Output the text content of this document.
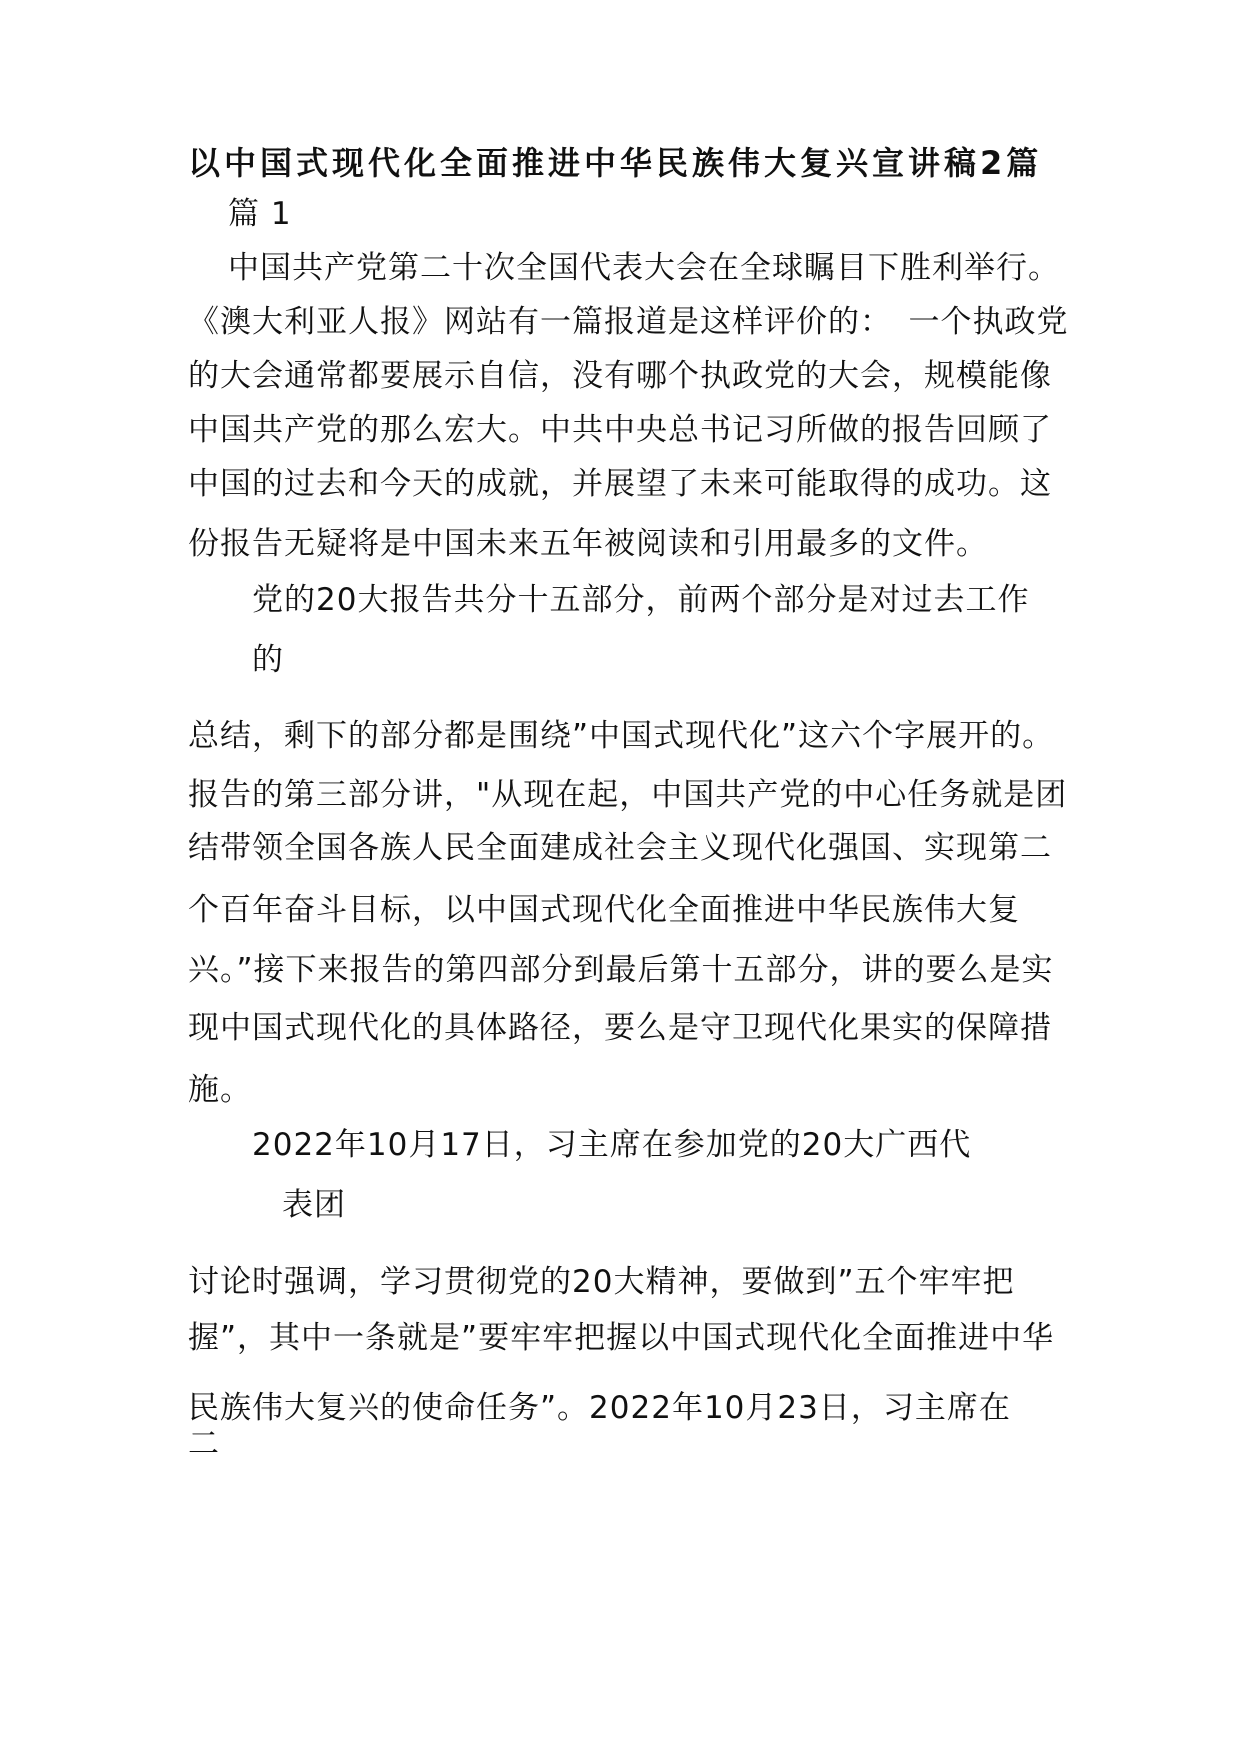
以中国式现代化全面推进中华民族伟大复兴宣讲稿2篇
篇 1
中国共产党第二十次全国代表大会在全球瞩目下胜利举行。
《澳大利亚人报》网站有一篇报道是这样评价的：　一个执政党
的大会通常都要展示自信，没有哪个执政党的大会，规模能像
中国共产党的那么宏大。中共中央总书记习所做的报告回顾了
中国的过去和今天的成就，并展望了未来可能取得的成功。这
份报告无疑将是中国未来五年被阅读和引用最多的文件。
党的20大报告共分十五部分，前两个部分是对过去工作
的
总结，剩下的部分都是围绕”中国式现代化”这六个字展开的。
报告的第三部分讲，"从现在起，中国共产党的中心任务就是团
结带领全国各族人民全面建成社会主义现代化强国、实现第二
个百年奋斗目标，以中国式现代化全面推进中华民族伟大复
兴。”接下来报告的第四部分到最后第十五部分，讲的要么是实
现中国式现代化的具体路径，要么是守卫现代化果实的保障措
施。
2022年10月17日，习主席在参加党的20大广西代
表团
讨论时强调，学习贯彻党的20大精神，要做到”五个牢牢把
握”，其中一条就是”要牢牢把握以中国式现代化全面推进中华
民族伟大复兴的使命任务”。2022年10月23日，习主席在
二
